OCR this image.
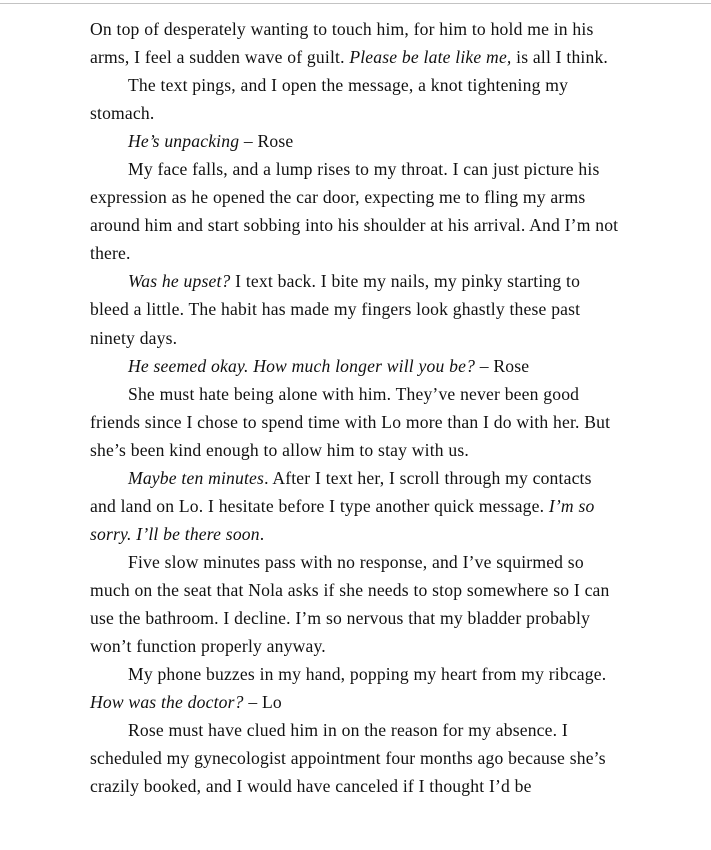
On top of desperately wanting to touch him, for him to hold me in his arms, I feel a sudden wave of guilt. Please be late like me, is all I think.

The text pings, and I open the message, a knot tightening my stomach.

He’s unpacking – Rose

My face falls, and a lump rises to my throat. I can just picture his expression as he opened the car door, expecting me to fling my arms around him and start sobbing into his shoulder at his arrival. And I’m not there.

Was he upset? I text back. I bite my nails, my pinky starting to bleed a little. The habit has made my fingers look ghastly these past ninety days.

He seemed okay. How much longer will you be? – Rose

She must hate being alone with him. They’ve never been good friends since I chose to spend time with Lo more than I do with her. But she’s been kind enough to allow him to stay with us.

Maybe ten minutes. After I text her, I scroll through my contacts and land on Lo. I hesitate before I type another quick message. I’m so sorry. I’ll be there soon.

Five slow minutes pass with no response, and I’ve squirmed so much on the seat that Nola asks if she needs to stop somewhere so I can use the bathroom. I decline. I’m so nervous that my bladder probably won’t function properly anyway.

My phone buzzes in my hand, popping my heart from my ribcage. How was the doctor? – Lo

Rose must have clued him in on the reason for my absence. I scheduled my gynecologist appointment four months ago because she’s crazily booked, and I would have canceled if I thought I’d be
